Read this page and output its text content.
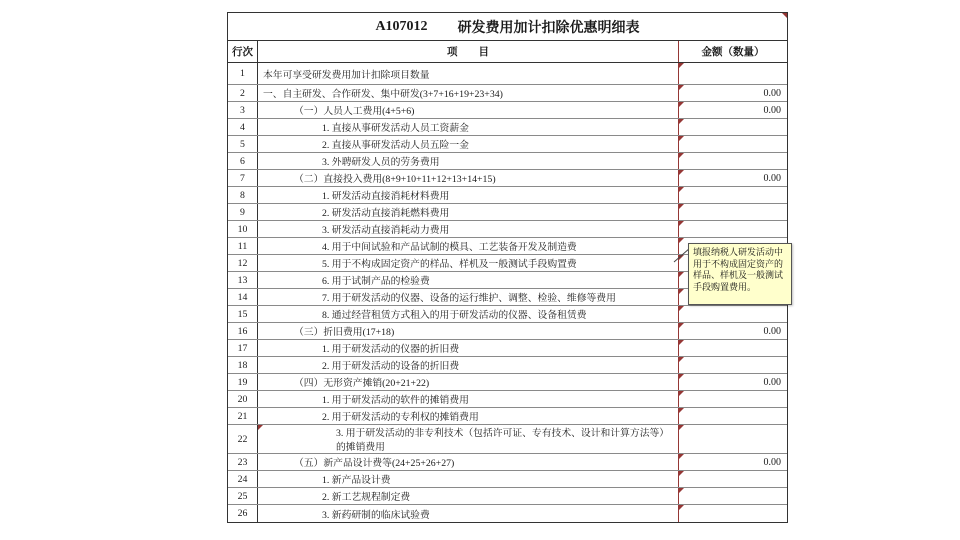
A107012 研发费用加计扣除优惠明细表
行次	项　　目	金额（数量）
1	本年可享受研发费用加计扣除项目数量
2	一、自主研发、合作研发、集中研发(3+7+16+19+23+34)	0.00
3	（一）人员人工费用(4+5+6)	0.00
4	1. 直接从事研发活动人员工资薪金
5	2. 直接从事研发活动人员五险一金
6	3. 外聘研发人员的劳务费用
7	（二）直接投入费用(8+9+10+11+12+13+14+15)	0.00
8	1. 研发活动直接消耗材料费用
9	2. 研发活动直接消耗燃料费用
10	3. 研发活动直接消耗动力费用
11	4. 用于中间试验和产品试制的模具、工艺装备开发及制造费
12	5. 用于不构成固定资产的样品、样机及一般测试手段购置费
13	6. 用于试制产品的检验费
14	7. 用于研发活动的仪器、设备的运行维护、调整、检验、维修等费用
15	8. 通过经营租赁方式租入的用于研发活动的仪器、设备租赁费
16	（三）折旧费用(17+18)	0.00
17	1. 用于研发活动的仪器的折旧费
18	2. 用于研发活动的设备的折旧费
19	（四）无形资产摊销(20+21+22)	0.00
20	1. 用于研发活动的软件的摊销费用
21	2. 用于研发活动的专利权的摊销费用
22	3. 用于研发活动的非专利技术（包括许可证、专有技术、设计和计算方法等）的摊销费用
23	（五）新产品设计费等(24+25+26+27)	0.00
24	1. 新产品设计费
25	2. 新工艺规程制定费
26	3. 新药研制的临床试验费
填报纳税人研发活动中用于不构成固定资产的样品、样机及一般测试手段购置费用。
